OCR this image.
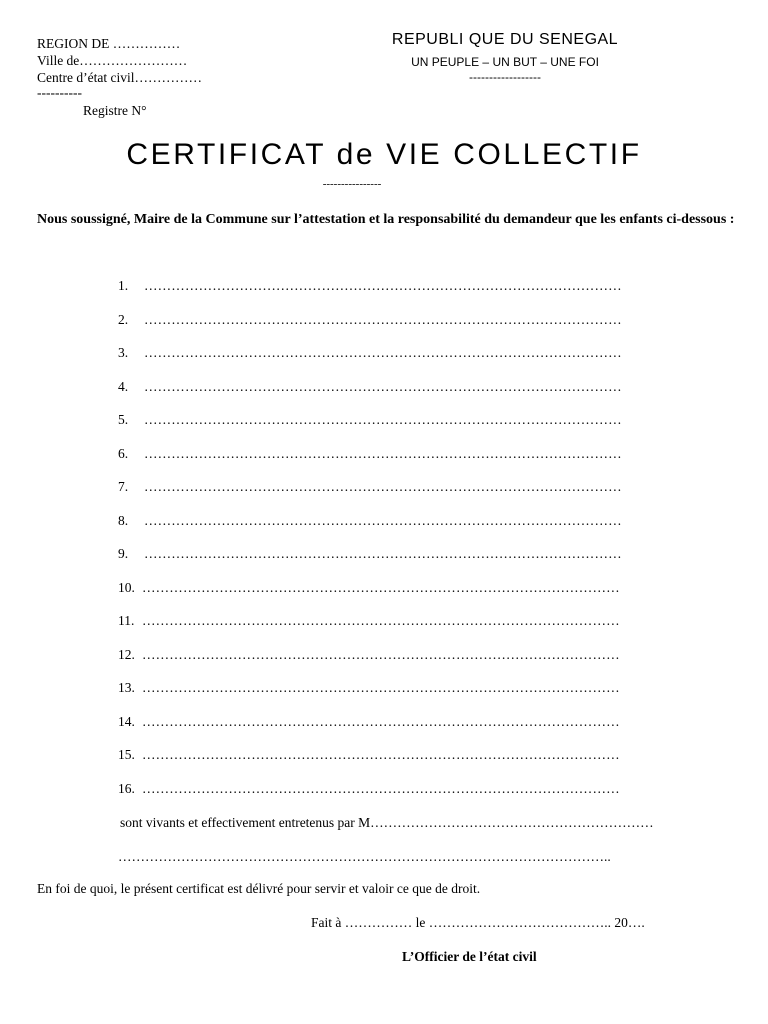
REGION DE ……………
Ville de……………………
Centre d’état civil……………
----------
Registre N°
REPUBLI QUE DU SENEGAL
UN PEUPLE – UN BUT – UNE FOI
------------------
CERTIFICAT de VIE COLLECTIF
----------------
Nous soussigné, Maire de la Commune sur l’attestation et la responsabilité du demandeur que les enfants ci-dessous :
1. ……………………………………………………………………………………………
2. ……………………………………………………………………………………………
3. ……………………………………………………………………………………………
4. ……………………………………………………………………………………………
5. ……………………………………………………………………………………………
6. ……………………………………………………………………………………………
7. ……………………………………………………………………………………………
8. ……………………………………………………………………………………………
9. ……………………………………………………………………………………………
10. ……………………………………………………………………………………………
11. ……………………………………………………………………………………………
12. ……………………………………………………………………………………………
13. ……………………………………………………………………………………………
14. ……………………………………………………………………………………………
15. ……………………………………………………………………………………………
16. ……………………………………………………………………………………………
sont vivants et effectivement entretenus par M………………………………………………………
………………………………………………………………………………………………..
En foi de quoi, le présent certificat est délivré pour servir et valoir ce que de droit.
Fait à …………… le ………………………………….. 20….
L’Officier de l’état civil
